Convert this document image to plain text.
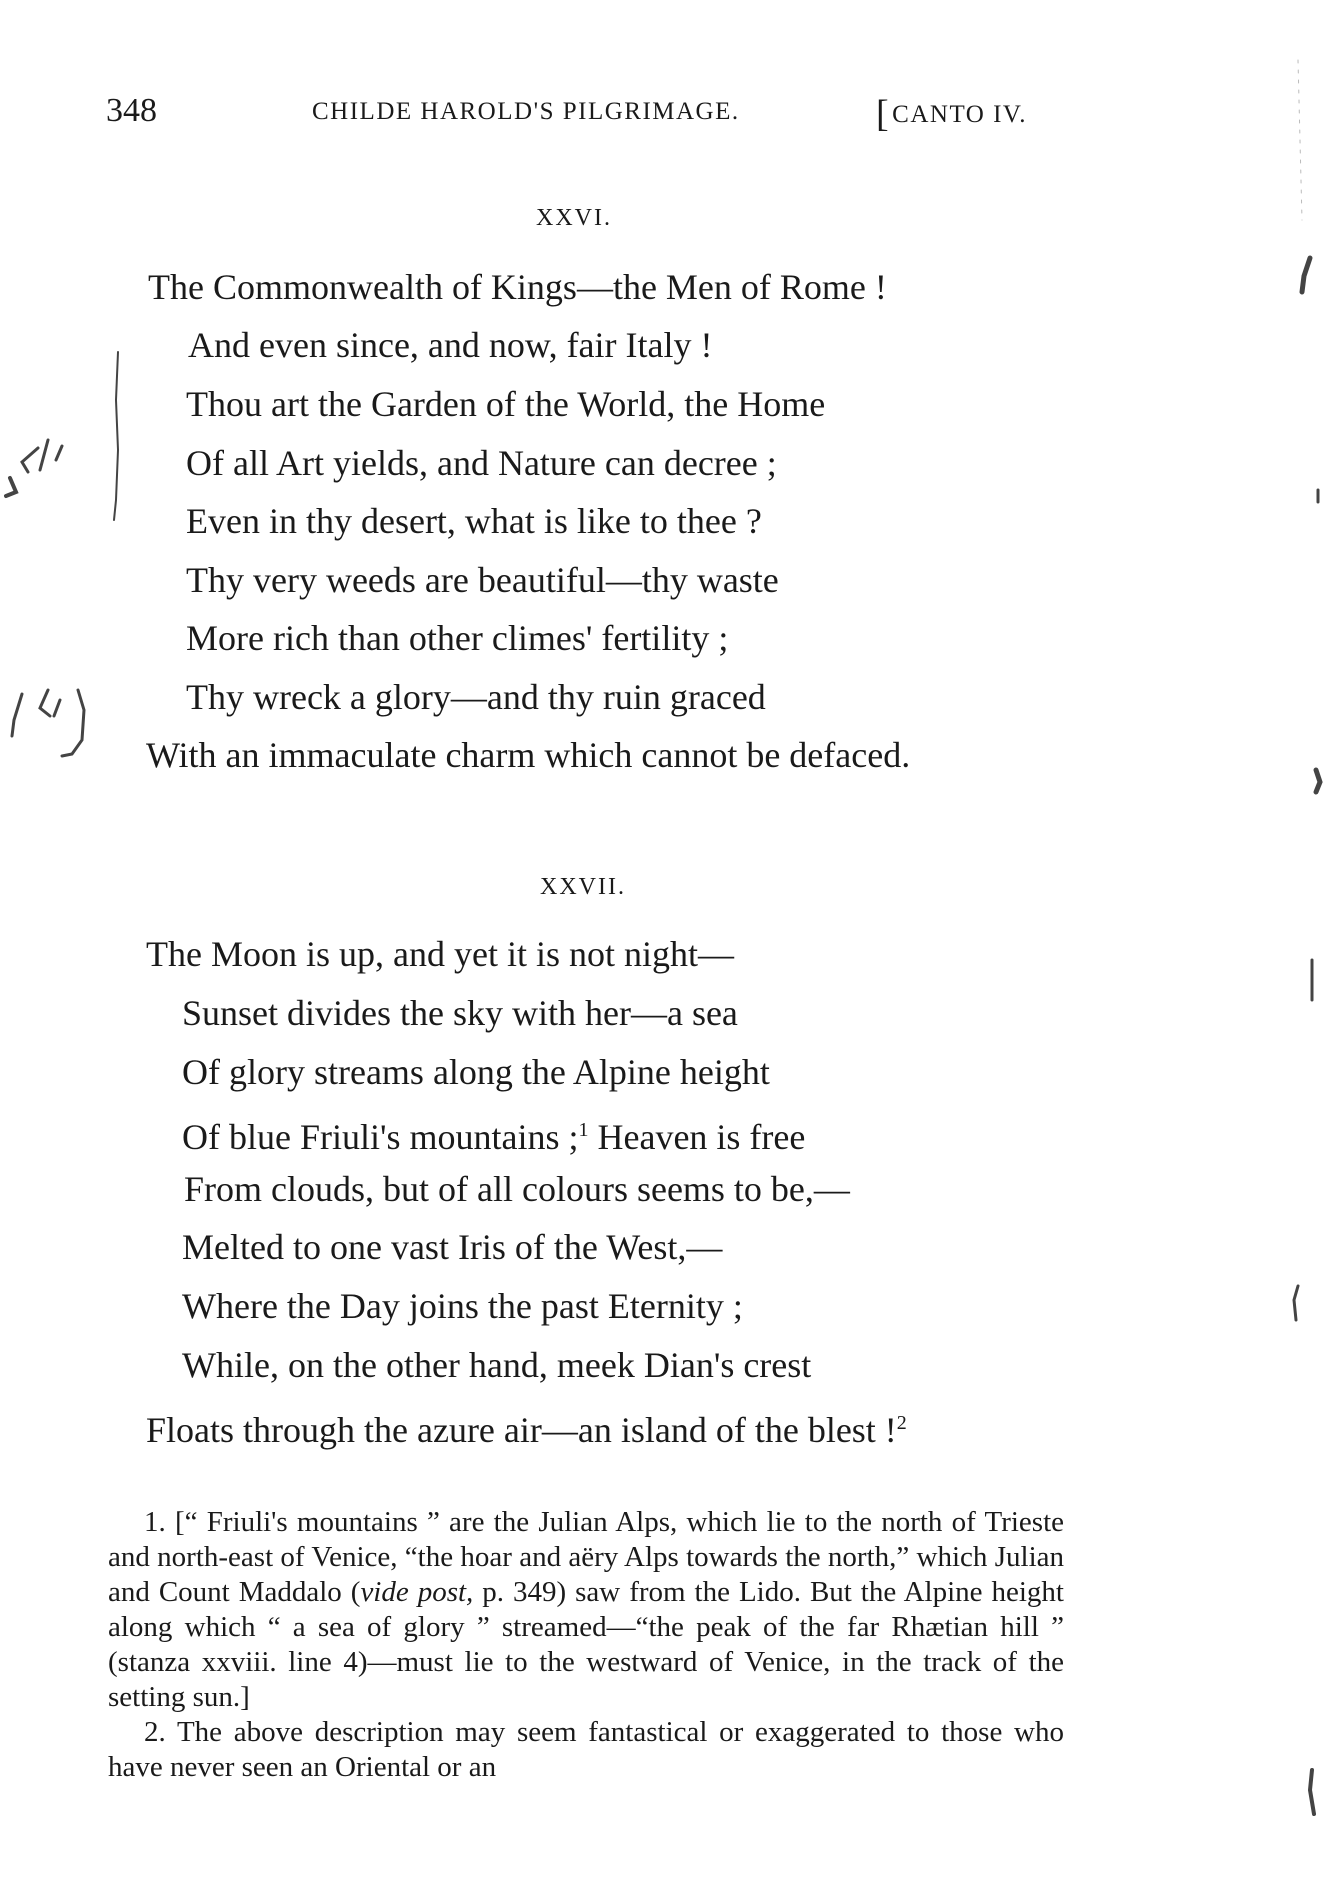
348	CHILDE HAROLD'S PILGRIMAGE.	[CANTO IV.
XXVI.
The Commonwealth of Kings—the Men of Rome !
And even since, and now, fair Italy !
Thou art the Garden of the World, the Home
Of all Art yields, and Nature can decree ;
Even in thy desert, what is like to thee ?
Thy very weeds are beautiful—thy waste
More rich than other climes' fertility ;
Thy wreck a glory—and thy ruin graced
With an immaculate charm which cannot be defaced.
XXVII.
The Moon is up, and yet it is not night—
Sunset divides the sky with her—a sea
Of glory streams along the Alpine height
Of blue Friuli's mountains ;$^1$ Heaven is free
From clouds, but of all colours seems to be,—
Melted to one vast Iris of the West,—
Where the Day joins the past Eternity ;
While, on the other hand, meek Dian's crest
Floats through the azure air—an island of the blest !$^2$

1. [“ Friuli's mountains ” are the Julian Alps, which lie to the north of Trieste and north-east of Venice, “the hoar and aëry Alps towards the north,” which Julian and Count Maddalo (vide post, p. 349) saw from the Lido. But the Alpine height along which “ a sea of glory ” streamed—“the peak of the far Rhætian hill ” (stanza xxviii. line 4)—must lie to the westward of Venice, in the track of the setting sun.]

2. The above description may seem fantastical or exaggerated to those who have never seen an Oriental or an
